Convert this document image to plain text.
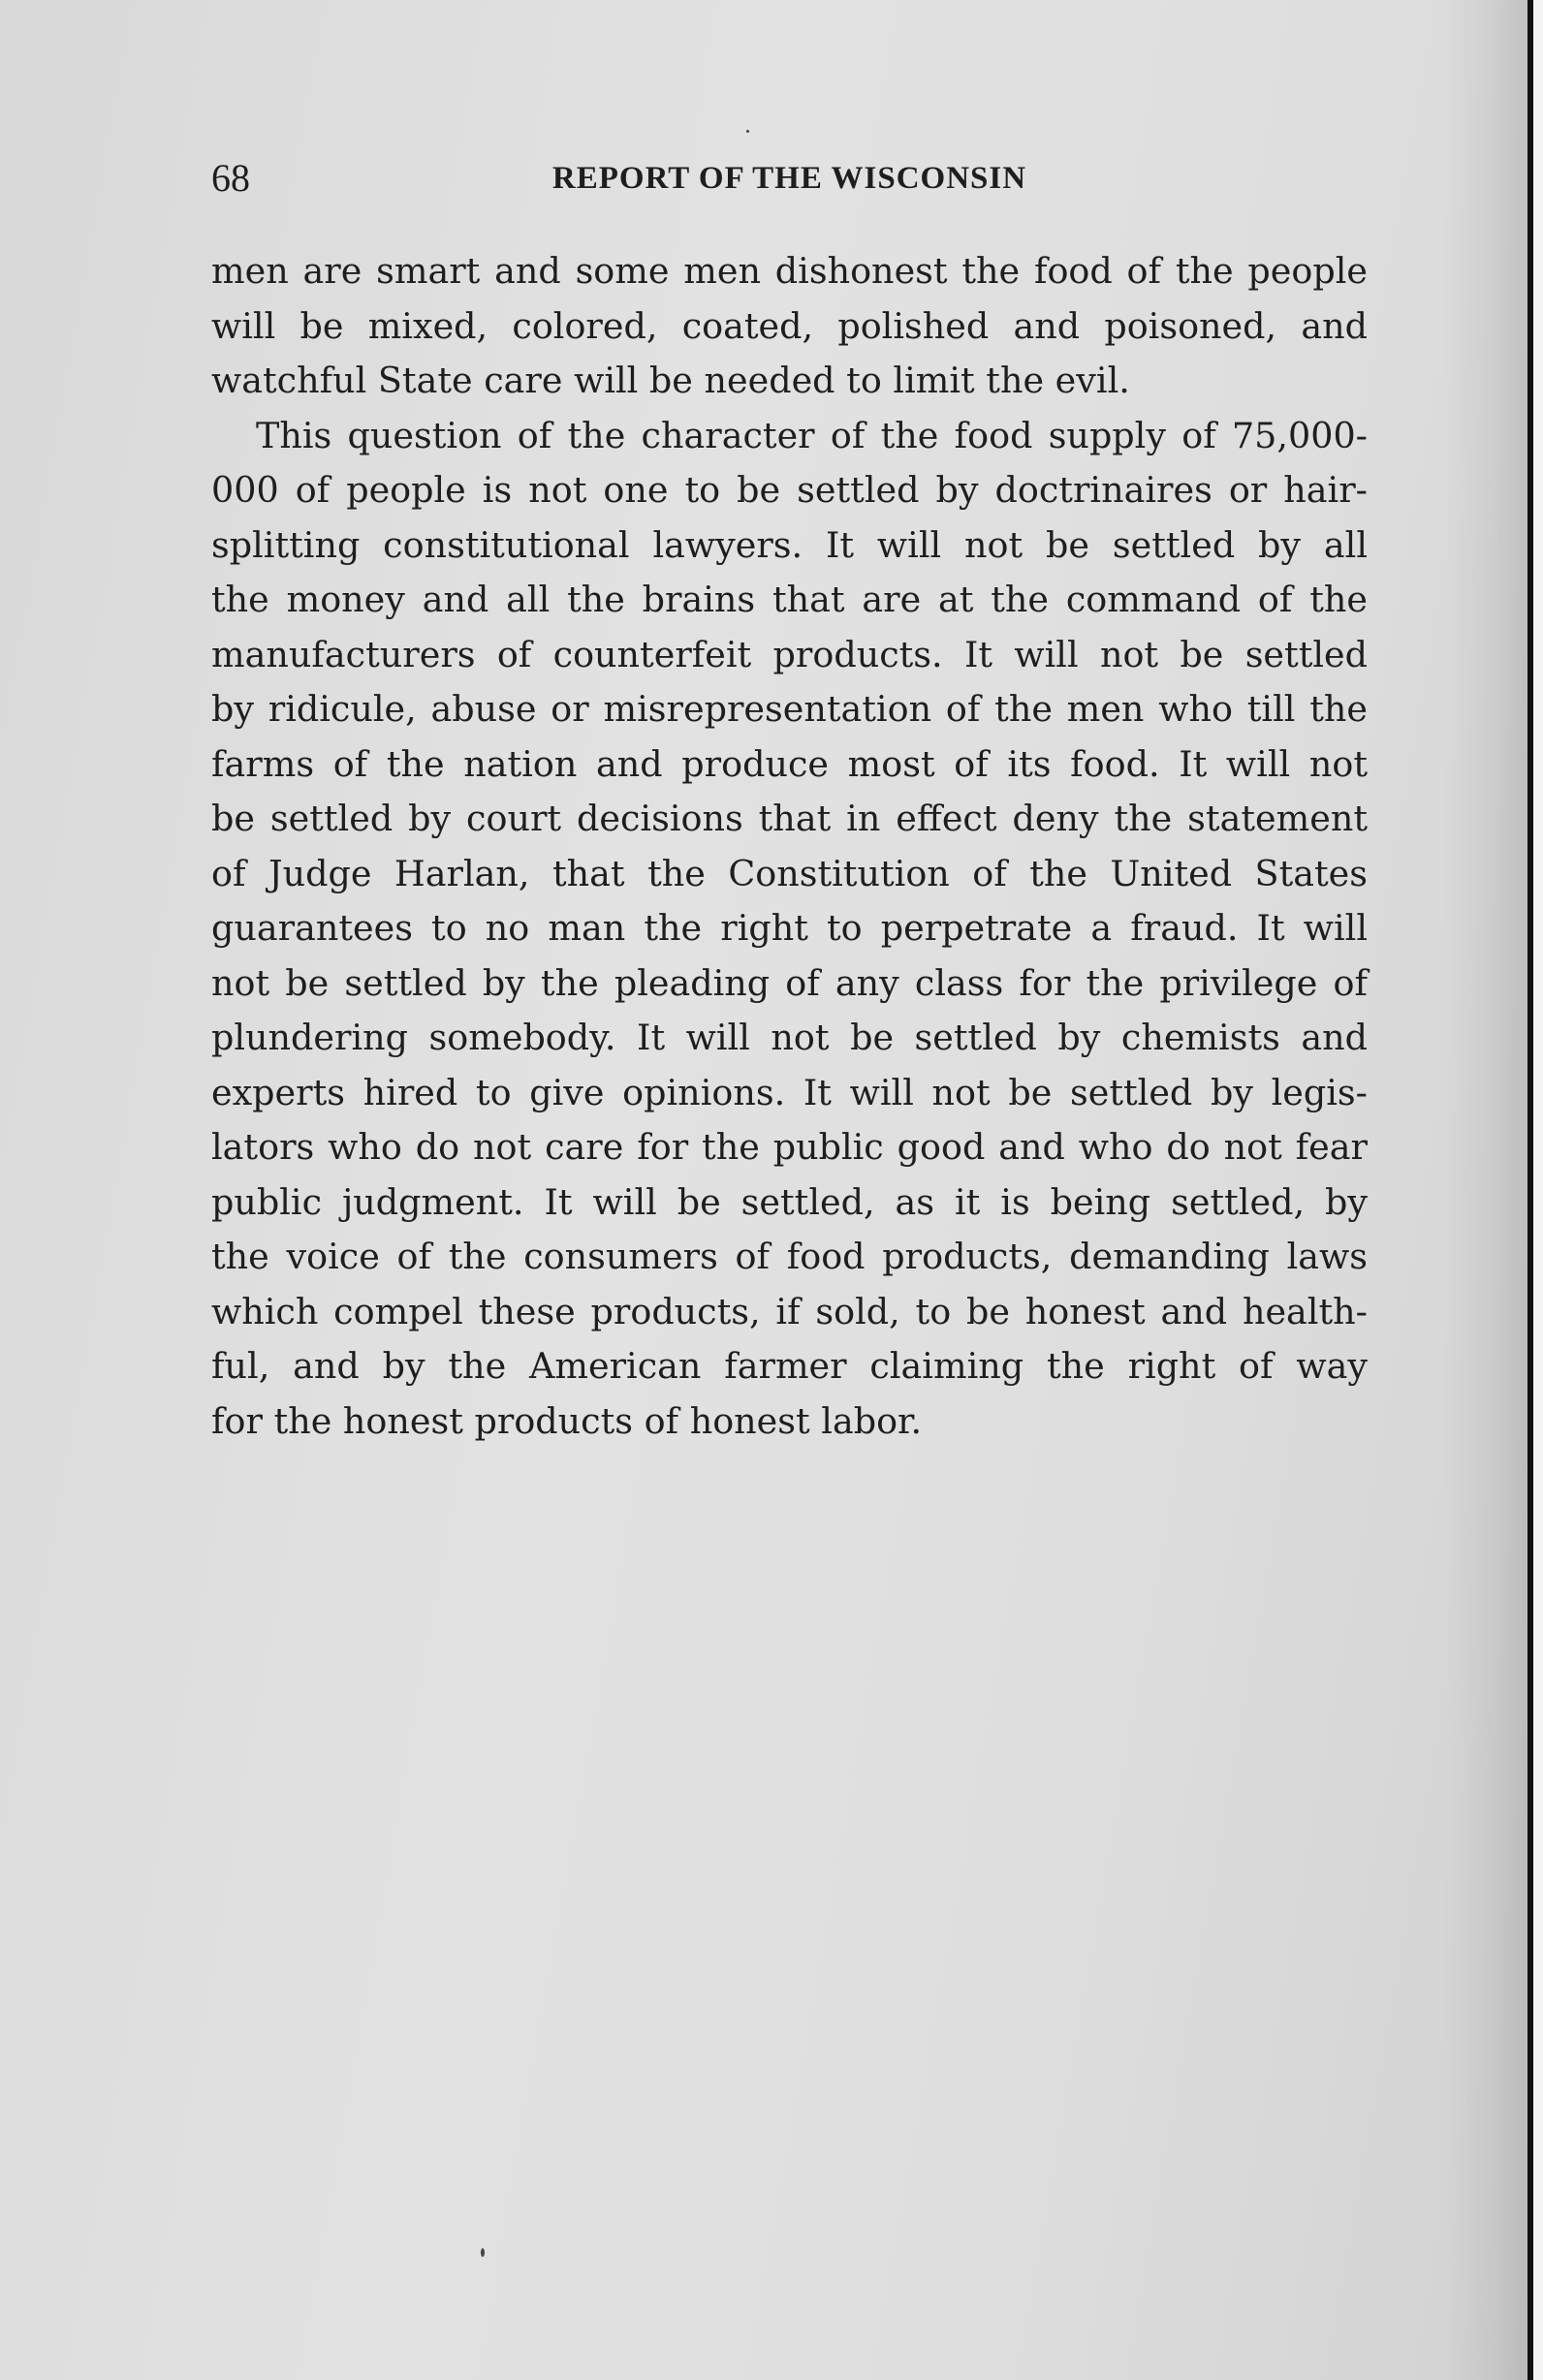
68	REPORT OF THE WISCONSIN
men are smart and some men dishonest the food of the people
will be mixed, colored, coated, polished and poisoned, and
watchful State care will be needed to limit the evil.
This question of the character of the food supply of 75,000-
000 of people is not one to be settled by doctrinaires or hair-
splitting constitutional lawyers. It will not be settled by all
the money and all the brains that are at the command of the
manufacturers of counterfeit products. It will not be settled
by ridicule, abuse or misrepresentation of the men who till the
farms of the nation and produce most of its food. It will not
be settled by court decisions that in effect deny the statement
of Judge Harlan, that the Constitution of the United States
guarantees to no man the right to perpetrate a fraud. It will
not be settled by the pleading of any class for the privilege of
plundering somebody. It will not be settled by chemists and
experts hired to give opinions. It will not be settled by legis-
lators who do not care for the public good and who do not fear
public judgment. It will be settled, as it is being settled, by
the voice of the consumers of food products, demanding laws
which compel these products, if sold, to be honest and health-
ful, and by the American farmer claiming the right of way
for the honest products of honest labor.
